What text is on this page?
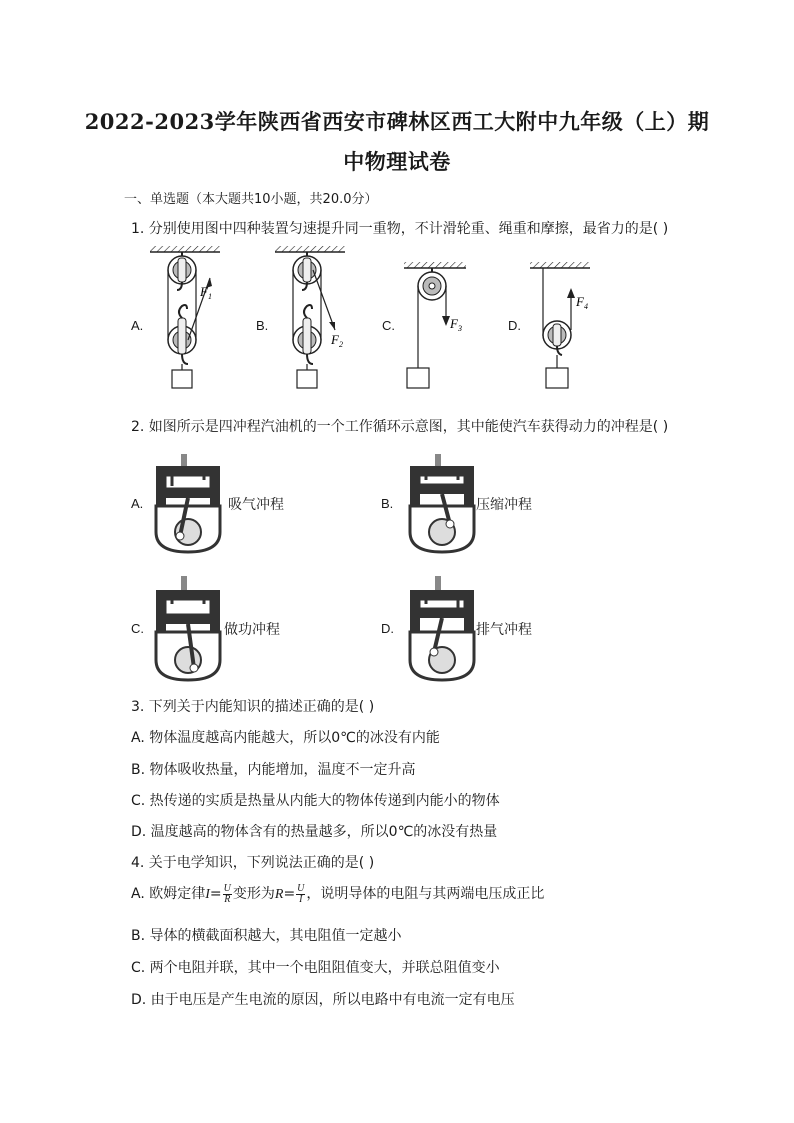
2022-2023学年陕西省西安市碑林区西工大附中九年级（上）期
中物理试卷
一、单选题（本大题共10小题，共20.0分）
1. 分别使用图中四种装置匀速提升同一重物，不计滑轮重、绳重和摩擦，最省力的是( )
A.	B.	C.	D.
$F_1$
$F_2$
$F_3$
$F_4$
2. 如图所示是四冲程汽油机的一个工作循环示意图，其中能使汽车获得动力的冲程是( )
A.	B.
C.	D.
吸气冲程	压缩冲程
做功冲程	排气冲程
3. 下列关于内能知识的描述正确的是( )
A. 物体温度越高内能越大，所以0℃的冰没有内能
B. 物体吸收热量，内能增加，温度不一定升高
C. 热传递的实质是热量从内能大的物体传递到内能小的物体
D. 温度越高的物体含有的热量越多，所以0℃的冰没有热量
4. 关于电学知识，下列说法正确的是( )
A. 欧姆定律$I= \frac{U}{R}$ 变形为$R= \frac{U}{I}$ ，说明导体的电阻与其两端电压成正比
B. 导体的横截面积越大，其电阻值一定越小
C. 两个电阻并联，其中一个电阻阻值变大，并联总阻值变小
D. 由于电压是产生电流的原因，所以电路中有电流一定有电压
